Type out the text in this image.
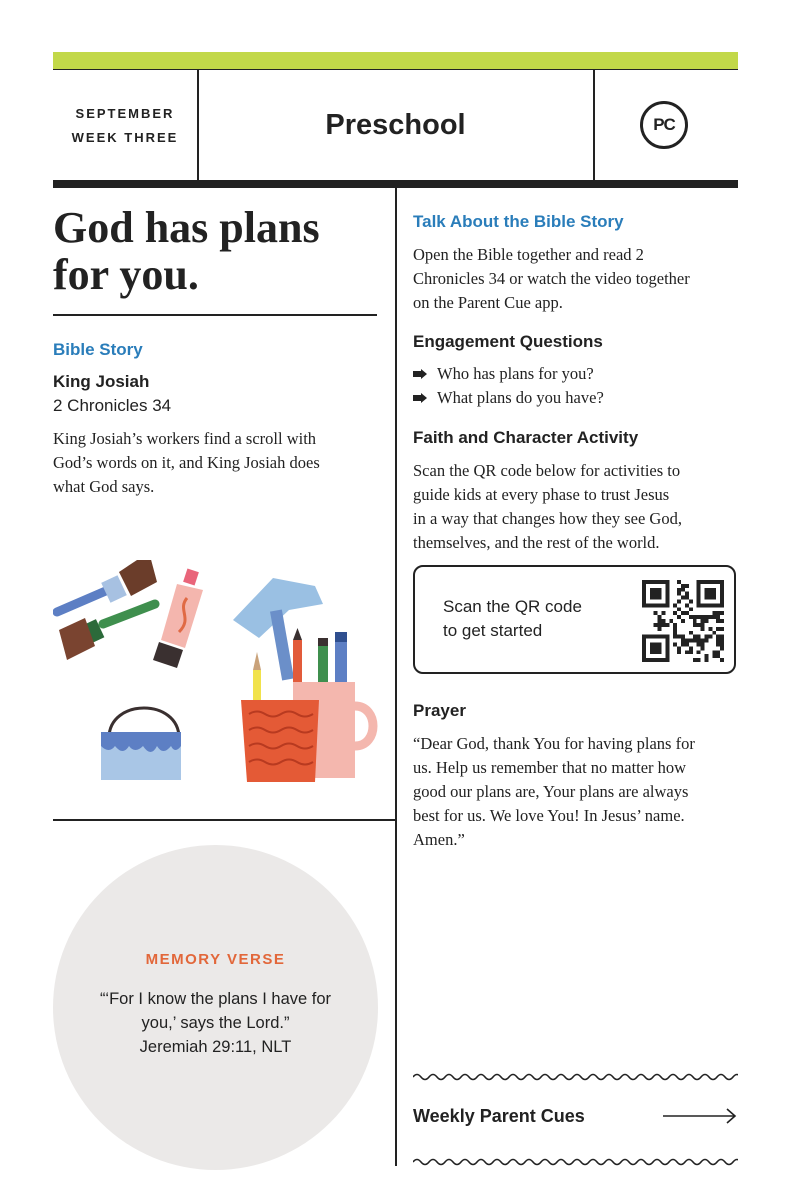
SEPTEMBER
WEEK THREE	Preschool	PC
God has plans
for you.
Bible Story
King Josiah
2 Chronicles 34
King Josiah’s workers find a scroll with
God’s words on it, and King Josiah does
what God says.
MEMORY VERSE
“‘For I know the plans I have for
you,’ says the Lord.”
Jeremiah 29:11, NLT
Talk About the Bible Story
Open the Bible together and read 2
Chronicles 34 or watch the video together
on the Parent Cue app.
Engagement Questions
Who has plans for you?
What plans do you have?
Faith and Character Activity
Scan the QR code below for activities to
guide kids at every phase to trust Jesus
in a way that changes how they see God,
themselves, and the rest of the world.
Scan the QR code
to get started
Prayer
“Dear God, thank You for having plans for
us. Help us remember that no matter how
good our plans are, Your plans are always
best for us. We love You! In Jesus’ name.
Amen.”
Weekly Parent Cues
